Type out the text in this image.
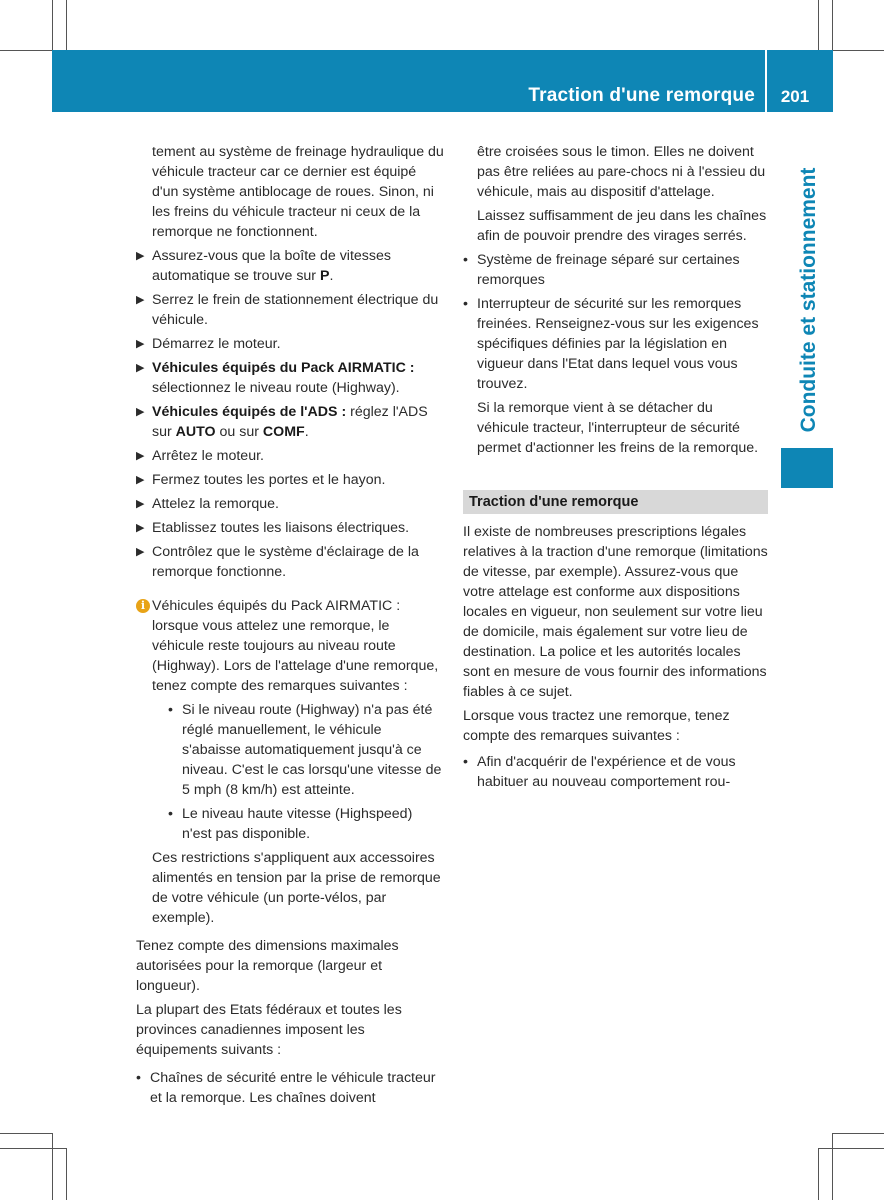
Traction d'une remorque	201
Conduite et stationnement

tement au système de freinage hydraulique du véhicule tracteur car ce dernier est équipé d'un système antiblocage de roues. Sinon, ni les freins du véhicule tracteur ni ceux de la remorque ne fonctionnent.

▶ Assurez-vous que la boîte de vitesses automatique se trouve sur P.
▶ Serrez le frein de stationnement électrique du véhicule.
▶ Démarrez le moteur.
▶ Véhicules équipés du Pack AIRMATIC : sélectionnez le niveau route (Highway).
▶ Véhicules équipés de l'ADS : réglez l'ADS sur AUTO ou sur COMF.
▶ Arrêtez le moteur.
▶ Fermez toutes les portes et le hayon.
▶ Attelez la remorque.
▶ Etablissez toutes les liaisons électriques.
▶ Contrôlez que le système d'éclairage de la remorque fonctionne.
i Véhicules équipés du Pack AIRMATIC : lorsque vous attelez une remorque, le véhicule reste toujours au niveau route (Highway). Lors de l'attelage d'une remorque, tenez compte des remarques suivantes :

• Si le niveau route (Highway) n'a pas été réglé manuellement, le véhicule s'abaisse automatiquement jusqu'à ce niveau. C'est le cas lorsqu'une vitesse de 5 mph (8 km/h) est atteinte.
• Le niveau haute vitesse (Highspeed) n'est pas disponible.

Ces restrictions s'appliquent aux accessoires alimentés en tension par la prise de remorque de votre véhicule (un porte-vélos, par exemple).

Tenez compte des dimensions maximales autorisées pour la remorque (largeur et longueur).

La plupart des Etats fédéraux et toutes les provinces canadiennes imposent les équipements suivants :

• Chaînes de sécurité entre le véhicule tracteur et la remorque. Les chaînes doivent

être croisées sous le timon. Elles ne doivent pas être reliées au pare-chocs ni à l'essieu du véhicule, mais au dispositif d'attelage.

Laissez suffisamment de jeu dans les chaînes afin de pouvoir prendre des virages serrés.

• Système de freinage séparé sur certaines remorques
• Interrupteur de sécurité sur les remorques freinées. Renseignez-vous sur les exigences spécifiques définies par la législation en vigueur dans l'Etat dans lequel vous vous trouvez.

Si la remorque vient à se détacher du véhicule tracteur, l'interrupteur de sécurité permet d'actionner les freins de la remorque.

Traction d'une remorque

Il existe de nombreuses prescriptions légales relatives à la traction d'une remorque (limitations de vitesse, par exemple). Assurez-vous que votre attelage est conforme aux dispositions locales en vigueur, non seulement sur votre lieu de domicile, mais également sur votre lieu de destination. La police et les autorités locales sont en mesure de vous fournir des informations fiables à ce sujet.

Lorsque vous tractez une remorque, tenez compte des remarques suivantes :

• Afin d'acquérir de l'expérience et de vous habituer au nouveau comportement rou-
